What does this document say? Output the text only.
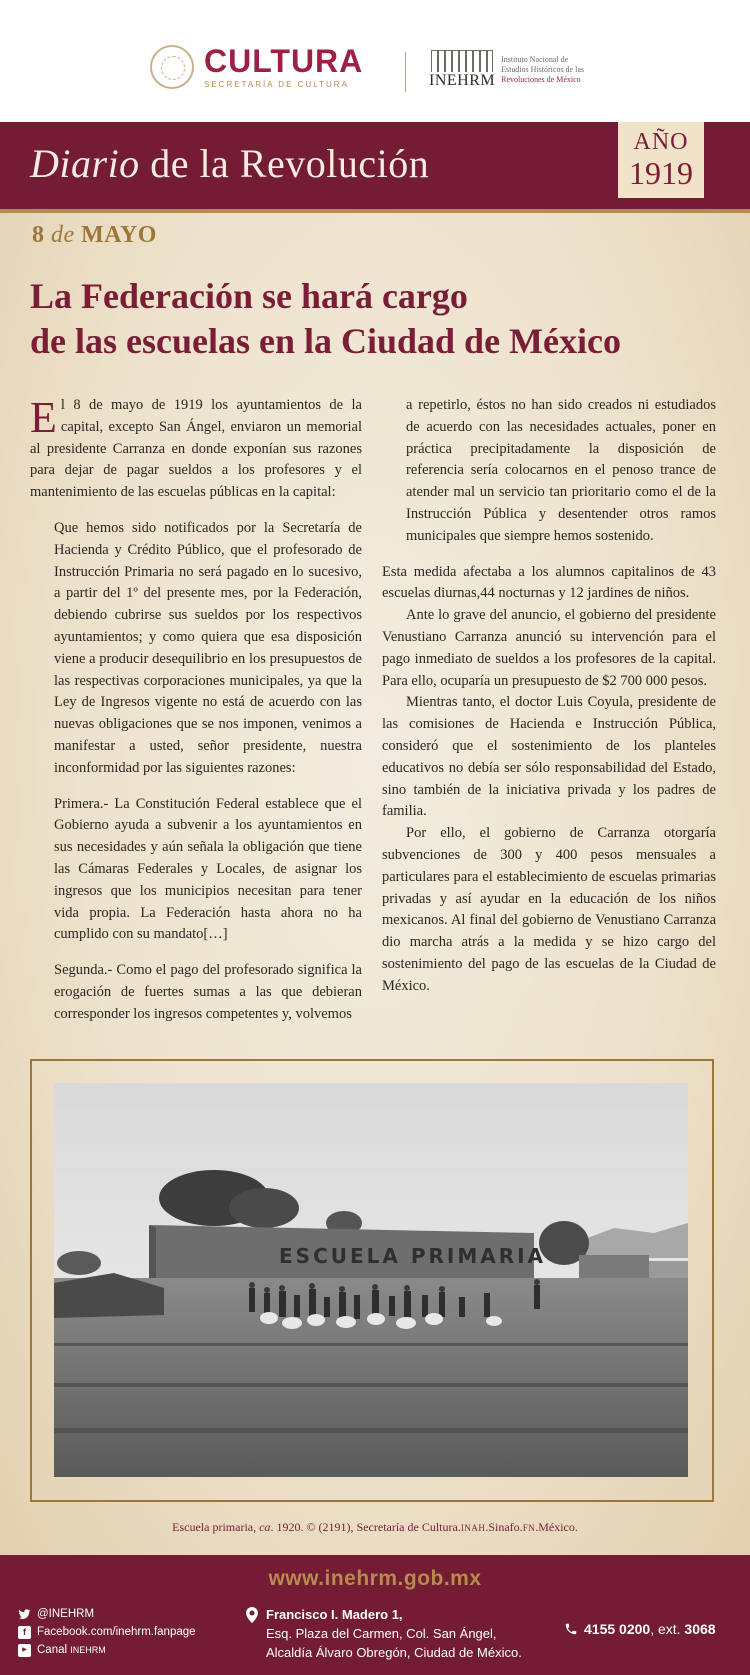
CULTURA
SECRETARÍA DE CULTURA	INEHRM
Instituto Nacional de
Estudios Históricos de las
Revoluciones de México
Diario de la Revolución	AÑO
1919
8 de MAYO
La Federación se hará cargo
de las escuelas en la Ciudad de México

El 8 de mayo de 1919 los ayuntamientos de la capital, excepto San Ángel, enviaron un memorial al presidente Carranza en donde exponían sus razones para dejar de pagar sueldos a los profesores y el mantenimiento de las escuelas públicas en la capital:

Que hemos sido notificados por la Secretaría de Hacienda y Crédito Público, que el profesorado de Instrucción Primaria no será pagado en lo sucesivo, a partir del 1º del presente mes, por la Federación, debiendo cubrirse sus sueldos por los respectivos ayuntamientos; y como quiera que esa disposición viene a producir desequilibrio en los presupuestos de las respectivas corporaciones municipales, ya que la Ley de Ingresos vigente no está de acuerdo con las nuevas obligaciones que se nos imponen, venimos a manifestar a usted, señor presidente, nuestra inconformidad por las siguientes razones:

Primera.- La Constitución Federal establece que el Gobierno ayuda a subvenir a los ayuntamientos en sus necesidades y aún señala la obligación que tiene las Cámaras Federales y Locales, de asignar los ingresos que los municipios necesitan para tener vida propia. La Federación hasta ahora no ha cumplido con su mandato[…]

Segunda.- Como el pago del profesorado significa la erogación de fuertes sumas a las que debieran corresponder los ingresos competentes y, volvemos

a repetirlo, éstos no han sido creados ni estudiados de acuerdo con las necesidades actuales, poner en práctica precipitadamente la disposición de referencia sería colocarnos en el penoso trance de atender mal un servicio tan prioritario como el de la Instrucción Pública y desentender otros ramos municipales que siempre hemos sostenido.

Esta medida afectaba a los alumnos capitalinos de 43 escuelas diurnas,44 nocturnas y 12 jardines de niños.

Ante lo grave del anuncio, el gobierno del presidente Venustiano Carranza anunció su intervención para el pago inmediato de sueldos a los profesores de la capital. Para ello, ocuparía un presupuesto de $2 700 000 pesos.

Mientras tanto, el doctor Luis Coyula, presidente de las comisiones de Hacienda e Instrucción Pública, consideró que el sostenimiento de los planteles educativos no debía ser sólo responsabilidad del Estado, sino también de la iniciativa privada y los padres de familia.

Por ello, el gobierno de Carranza otorgaría subvenciones de 300 y 400 pesos mensuales a particulares para el establecimiento de escuelas primarias privadas y así ayudar en la educación de los niños mexicanos. Al final del gobierno de Venustiano Carranza dio marcha atrás a la medida y se hizo cargo del sostenimiento del pago de las escuelas de la Ciudad de México.

ESCUELA PRIMARIA
Escuela primaria, ca. 1920. © (2191), Secretaría de Cultura.INAH.Sinafo.FN.México.
www.inehrm.gob.mx
@INEHRM
f Facebook.com/inehrm.fanpage
▶ Canal INEHRM
Francisco I. Madero 1,
Esq. Plaza del Carmen, Col. San Ángel,
Alcaldía Álvaro Obregón, Ciudad de México.
4155 0200, ext. 3068
